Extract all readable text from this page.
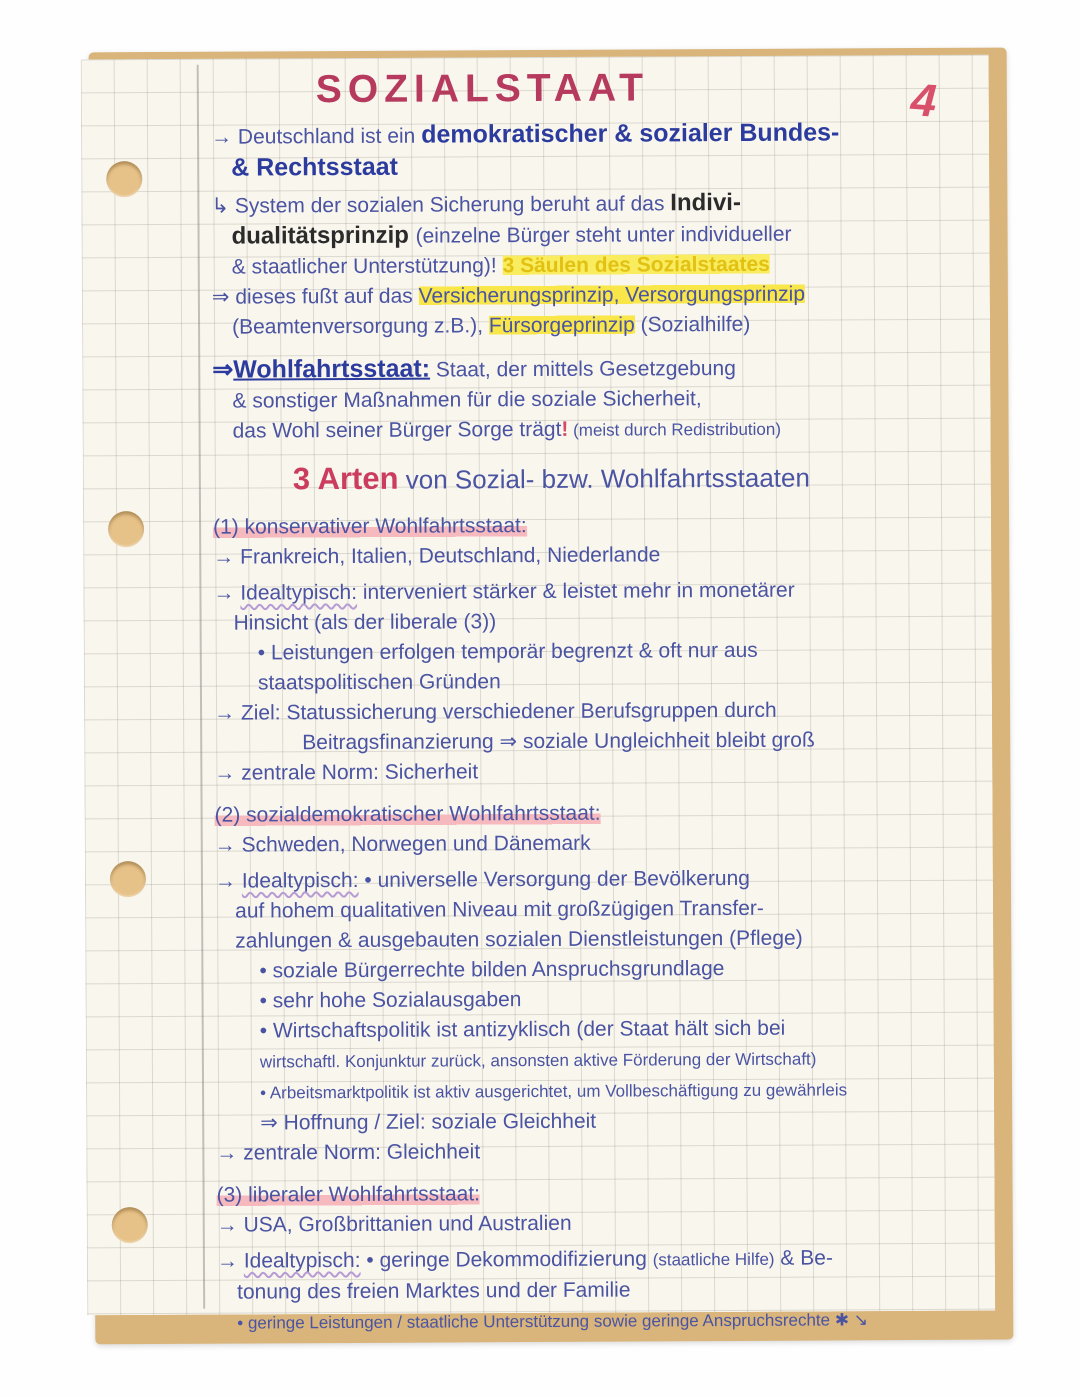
4
SOZIALSTAAT
→ Deutschland ist ein demokratischer & sozialer Bundes-
& Rechtsstaat
↳ System der sozialen Sicherung beruht auf das Indivi-
dualitätsprinzip (einzelne Bürger steht unter individueller
& staatlicher Unterstützung)! 3 Säulen des Sozialstaates
⇒ dieses fußt auf das Versicherungsprinzip, Versorgungsprinzip
(Beamtenversorgung z.B.), Fürsorgeprinzip (Sozialhilfe)
⇒Wohlfahrtsstaat: Staat, der mittels Gesetzgebung
& sonstiger Maßnahmen für die soziale Sicherheit,
das Wohl seiner Bürger Sorge trägt! (meist durch Redistribution)
3 Arten von Sozial- bzw. Wohlfahrtsstaaten
(1) konservativer Wohlfahrtsstaat:
→ Frankreich, Italien, Deutschland, Niederlande
→ Idealtypisch: interveniert stärker & leistet mehr in monetärer
Hinsicht (als der liberale (3))
• Leistungen erfolgen temporär begrenzt & oft nur aus
staatspolitischen Gründen
→ Ziel: Statussicherung verschiedener Berufsgruppen durch
Beitragsfinanzierung ⇒ soziale Ungleichheit bleibt groß
→ zentrale Norm: Sicherheit
(2) sozialdemokratischer Wohlfahrtsstaat:
→ Schweden, Norwegen und Dänemark
→ Idealtypisch: • universelle Versorgung der Bevölkerung
auf hohem qualitativen Niveau mit großzügigen Transfer-
zahlungen & ausgebauten sozialen Dienstleistungen (Pflege)
• soziale Bürgerrechte bilden Anspruchsgrundlage
• sehr hohe Sozialausgaben
• Wirtschaftspolitik ist antizyklisch (der Staat hält sich bei
wirtschaftl. Konjunktur zurück, ansonsten aktive Förderung der Wirtschaft)
• Arbeitsmarktpolitik ist aktiv ausgerichtet, um Vollbeschäftigung zu gewährleis
⇒ Hoffnung / Ziel: soziale Gleichheit
→ zentrale Norm: Gleichheit
(3) liberaler Wohlfahrtsstaat:
→ USA, Großbrittanien und Australien
→ Idealtypisch: • geringe Dekommodifizierung (staatliche Hilfe) & Be-
tonung des freien Marktes und der Familie
• geringe Leistungen / staatliche Unterstützung sowie geringe Anspruchsrechte ✱ ↘
